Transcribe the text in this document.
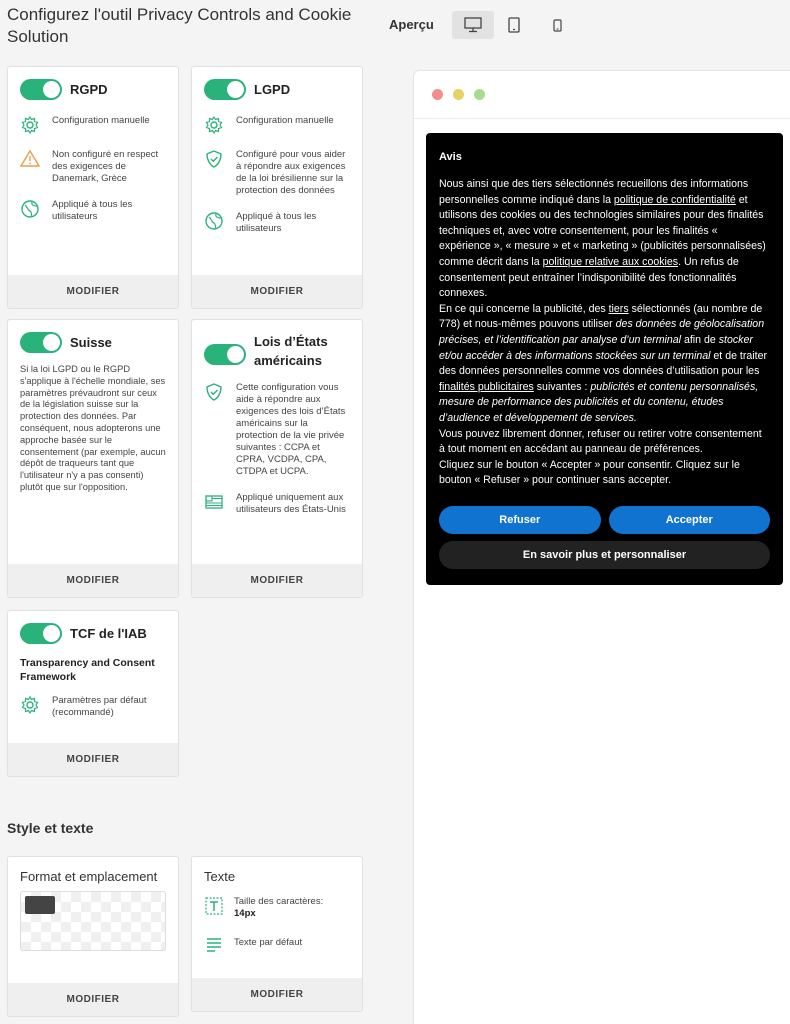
Configurez l'outil Privacy Controls and Cookie Solution
RGPD
Configuration manuelle
Non configuré en respect des exigences de Danemark, Grèce
Appliqué à tous les utilisateurs
MODIFIER
LGPD
Configuration manuelle
Configuré pour vous aider à répondre aux exigences de la loi brésilienne sur la protection des données
Appliqué à tous les utilisateurs
MODIFIER
Suisse
Si la loi LGPD ou le RGPD s'applique à l'échelle mondiale, ses paramètres prévaudront sur ceux de la législation suisse sur la protection des données. Par conséquent, nous adopterons une approche basée sur le consentement (par exemple, aucun dépôt de traqueurs tant que l'utilisateur n'y a pas consenti) plutôt que sur l'opposition.
MODIFIER
Lois d’États américains
Cette configuration vous aide à répondre aux exigences des lois d’États américains sur la protection de la vie privée suivantes : CCPA et CPRA, VCDPA, CPA, CTDPA et UCPA.
Appliqué uniquement aux utilisateurs des États-Unis
MODIFIER
TCF de l'IAB
Transparency and Consent Framework
Paramètres par défaut (recommandé)
MODIFIER
Style et texte
Format et emplacement
MODIFIER
Texte
Taille des caractères:
14px
Texte par défaut
MODIFIER
Aperçu
Avis

Nous ainsi que des tiers sélectionnés recueillons des informations personnelles comme indiqué dans la politique de confidentialité et utilisons des cookies ou des technologies similaires pour des finalités techniques et, avec votre consentement, pour les finalités « expérience », « mesure » et « marketing » (publicités personnalisées) comme décrit dans la politique relative aux cookies. Un refus de consentement peut entraîner l’indisponibilité des fonctionnalités connexes.

En ce qui concerne la publicité, des tiers sélectionnés (au nombre de 778) et nous-mêmes pouvons utiliser des données de géolocalisation précises, et l’identification par analyse d’un terminal afin de stocker et/ou accéder à des informations stockées sur un terminal et de traiter des données personnelles comme vos données d’utilisation pour les finalités publicitaires suivantes : publicités et contenu personnalisés, mesure de performance des publicités et du contenu, études d’audience et développement de services.

Vous pouvez librement donner, refuser ou retirer votre consentement à tout moment en accédant au panneau de préférences.

Cliquez sur le bouton « Accepter » pour consentir. Cliquez sur le bouton « Refuser » pour continuer sans accepter.

Refuser	Accepter
En savoir plus et personnaliser
